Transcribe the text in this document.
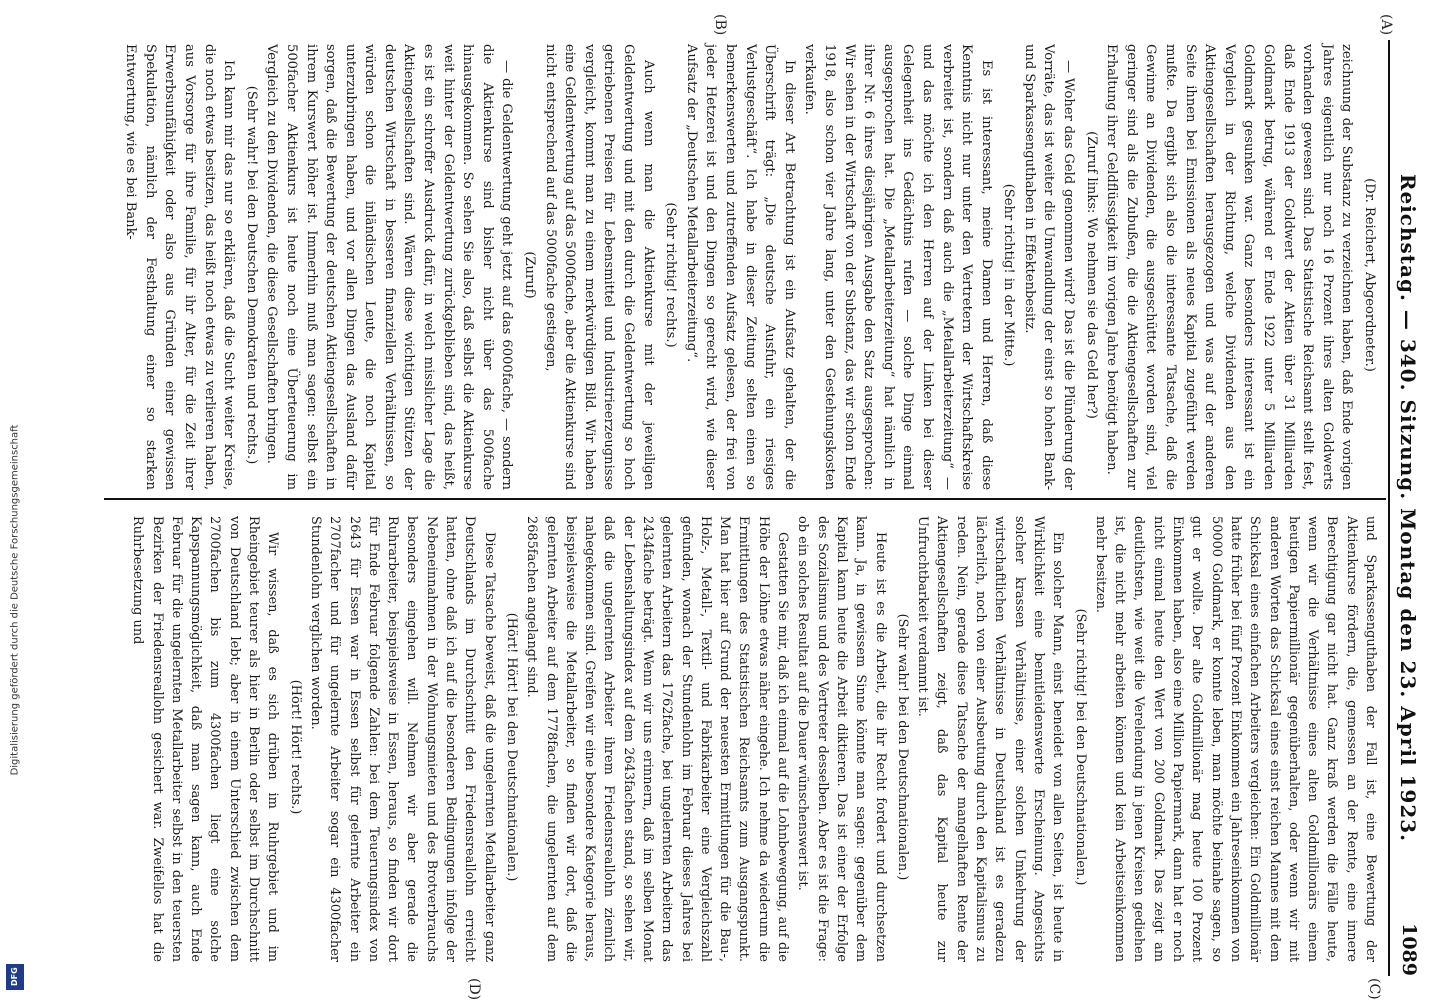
Reichstag. — 340. Sitzung. Montag den 23. April 1923.
1089
(A)
(B)
(C)
(D)

(Dr. Reichert, Abgeordneter.)

zeichnung der Substanz zu verzeichnen haben, daß Ende vorigen Jahres eigentlich nur noch 16 Prozent ihres alten Goldwerts vorhanden gewesen sind. Das Statistische Reichsamt stellt fest, daß Ende 1913 der Goldwert der Aktien über 31 Milliarden Goldmark betrug, während er Ende 1922 unter 5 Milliarden Goldmark gesunken war. Ganz besonders interessant ist ein Vergleich in der Richtung, welche Dividenden aus den Aktiengesellschaften herausgezogen und was auf der anderen Seite ihnen bei Emissionen als neues Kapital zugeführt werden mußte. Da ergibt sich also die interessante Tatsache, daß die Gewinne an Dividenden, die ausgeschüttet worden sind, viel geringer sind als die Zubußen, die die Aktiengesellschaften zur Erhaltung ihrer Geldflüssigkeit im vorigen Jahre benötigt haben.

(Zuruf links: Wo nehmen sie das Geld her?)

— Woher das Geld genommen wird? Das ist die Plünderung der Vorräte, das ist weiter die Umwandlung der einst so hohen Bank- und Sparkassenguthaben in Effektenbesitz.

(Sehr richtig! in der Mitte.)

Es ist interessant, meine Damen und Herren, daß diese Kenntnis nicht nur unter den Vertretern der Wirtschaftskreise verbreitet ist, sondern daß auch die „Metallarbeiterzeitung“ — und das möchte ich den Herren auf der Linken bei dieser Gelegenheit ins Gedächtnis rufen — solche Dinge einmal ausgesprochen hat. Die „Metallarbeiterzeitung“ hat nämlich in ihrer Nr. 6 ihres diesjährigen Ausgabe den Satz ausgesprochen: Wir sehen in der Wirtschaft von der Substanz, das wir schon Ende 1918, also schon vier Jahre lang, unter den Gestehungskosten verkaufen.

In dieser Art Betrachtung ist ein Aufsatz gehalten, der die Überschrift trägt: „Die deutsche Ausfuhr, ein riesiges Verlustgeschäft“. Ich habe in dieser Zeitung selten einen so bemerkenswerten und zutreffenden Aufsatz gelesen, der frei von jeder Hetzerei ist und den Dingen so gerecht wird, wie dieser Aufsatz der „Deutschen Metallarbeiterzeitung“.

(Sehr richtig! rechts.)

Auch wenn man die Aktienkurse mit der jeweiligen Geldentwertung und mit den durch die Geldentwertung so hoch getriebenen Preisen für Lebensmittel und Industrieerzeugnisse vergleicht, kommt man zu einem merkwürdigen Bild. Wir haben eine Geldentwertung auf das 5000fache, aber die Aktienkurse sind nicht entsprechend auf das 5000fache gestiegen,

(Zuruf)

— die Geldentwertung geht jetzt auf das 6000fache, — sondern die Aktienkurse sind bisher nicht über das 500fache hinausgekommen. So sehen Sie also, daß selbst die Aktienkurse weit hinter der Geldentwertung zurückgeblieben sind, das heißt, es ist ein schroffer Ausdruck dafür, in welch misslicher Lage die Aktiengesellschaften sind. Wären diese wichtigen Stützen der deutschen Wirtschaft in besseren finanziellen Verhältnissen, so würden schon die inländischen Leute, die noch Kapital unterzubringen haben, und vor allen Dingen das Ausland dafür sorgen, daß die Bewertung der deutschen Aktiengesellschaften in ihrem Kurswert höher ist. Immerhin muß man sagen: selbst ein 500facher Aktienkurs ist heute noch eine Überteuerung im Vergleich zu den Dividenden, die diese Gesellschaften bringen.

(Sehr wahr! bei den Deutschen Demokraten und rechts.)

Ich kann mir das nur so erklären, daß die Sucht weiter Kreise, die noch etwas besitzen, das heißt noch etwas zu verlieren haben, aus Vorsorge für ihre Familie, für ihr Alter, für die Zeit ihrer Erwerbsunfähigkeit oder also aus Gründen einer gewissen Spekulation, nämlich der Festhaltung einer so starken Entwertung, wie es bei Bank-

und Sparkassenguthaben der Fall ist, eine Bewertung der Aktienkurse fördern, die, gemessen an der Rente, eine innere Berechtigung gar nicht hat. Ganz kraß werden die Fälle heute, wenn wir die Verhältnisse eines alten Goldmillionärs einem heutigen Papiermillionär gegenüberhalten, oder wenn wir mit anderen Worten das Schicksal eines einst reichen Mannes mit dem Schicksal eines einfachen Arbeiters vergleichen: Ein Goldmillionär hatte früher bei fünf Prozent Einkommen ein Jahreseinkommen von 50000 Goldmark, er konnte leben, man möchte beinahe sagen, so gut er wollte. Der alte Goldmillionär mag heute 100 Prozent Einkommen haben, also eine Million Papiermark, dann hat er noch nicht einmal heute den Wert von 200 Goldmark. Das zeigt am deutlichsten, wie weit die Verelendung in jenen Kreisen gediehen ist, die nicht mehr arbeiten können und kein Arbeitseinkommen mehr besitzen.

(Sehr richtig! bei den Deutschnationalen.)

Ein solcher Mann, einst beneidet von allen Seiten, ist heute in Wirklichkeit eine bemitleidenswerte Erscheinung. Angesichts solcher krassen Verhältnisse, einer solchen Umkehrung der wirtschaftlichen Verhältnisse in Deutschland ist es geradezu lächerlich, noch von einer Ausbeutung durch den Kapitalismus zu reden. Nein, gerade diese Tatsache der mangelhaften Rente der Aktiengesellschaften zeigt, daß das Kapital heute zur Unfruchtbarkeit verdammt ist.

(Sehr wahr! bei den Deutschnationalen.)

Heute ist es die Arbeit, die ihr Recht fordert und durchsetzen kann. Ja, in gewissem Sinne könnte man sagen: gegenüber dem Kapital kann heute die Arbeit diktieren. Das ist einer der Erfolge des Sozialismus und des Vertreter desselben. Aber es ist die Frage: ob ein solches Resultat auf die Dauer wünschenswert ist.

Gestatten Sie mir, daß ich einmal auf die Lohnbewegung, auf die Höhe der Löhne etwas näher eingehe. Ich nehme da wiederum die Ermittlungen des Statistischen Reichsamts zum Ausgangspunkt. Man hat hier auf Grund der neuesten Ermittlungen für die Bau-, Holz-, Metall-, Textil- und Fabrikarbeiter eine Vergleichszahl gefunden, wonach der Stundenlohn im Februar dieses Jahres bei gelernten Arbeitern das 1762fache, bei ungelernten Arbeitern das 2434fache beträgt. Wenn wir uns erinnern, daß im selben Monat der Lebenshaltungsindex auf dem 2643fachen stand, so sehen wir, daß die ungelernten Arbeiter ihrem Friedensreallohn ziemlich nahegekommen sind. Greifen wir eine besondere Kategorie heraus, beispielsweise die Metallarbeiter, so finden wir dort, daß die gelernten Arbeiter auf dem 1778fachen, die ungelernten auf dem 2685fachen angelangt sind.

(Hört! Hört! bei den Deutschnationalen.)

Diese Tatsache beweist, daß die ungelernten Metallarbeiter ganz Deutschlands im Durchschnitt den Friedensreallohn erreicht hatten, ohne daß ich auf die besonderen Bedingungen infolge der Nebeneinnahmen in der Wohnungsmieten und des Brotverbrauchs besonders eingehen will. Nehmen wir aber gerade die Ruhrarbeiter, beispielsweise in Essen, heraus, so finden wir dort für Ende Februar folgende Zahlen: bei dem Teuerungsindex von 2643 für Essen war in Essen selbst für gelernte Arbeiter ein 2707facher und für ungelernte Arbeiter sogar ein 4300facher Stundenlohn verglichen worden.

(Hört! Hört! rechts.)

Wir wissen, daß es sich drüben im Ruhrgebiet und im Rheingebiet teurer als hier in Berlin oder selbst im Durchschnitt von Deutschland lebt; aber in einem Unterschied zwischen dem 2700fachen bis zum 4300fachen liegt eine solche Kapspannungsmöglichkeit, daß man sagen kann, auch Ende Februar für die ungelernten Metallarbeiter selbst in den teuersten Bezirken der Friedensreallohn gesichert war. Zweifellos hat die Ruhrbesetzung und

Digitalisierung gefördert durch die Deutsche Forschungsgemeinschaft
DFG
